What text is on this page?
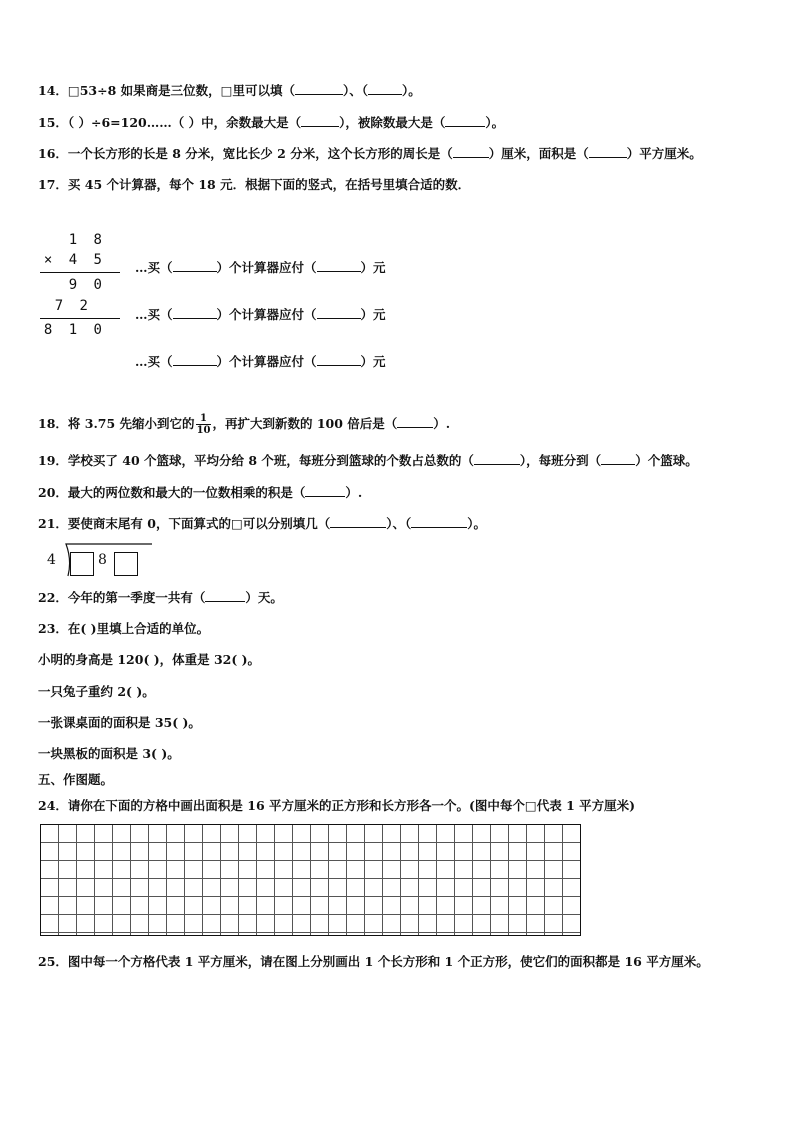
14．□53÷8 如果商是三位数，□里可以填（	）、（	）。
15．（ ）÷6=120……（ ）中，余数最大是（	），被除数最大是（	）。
16．一个长方形的长是 8 分米，宽比长少 2 分米，这个长方形的周长是（	）厘米，面积是（	）平方厘米。
17．买 45 个计算器，每个 18 元．根据下面的竖式，在括号里填合适的数．
1 8
× 4 5
9 0
7 2
8 1 0
…买（	）个计算器应付（	）元
…买（	）个计算器应付（	）元
…买（	）个计算器应付（	）元
18．将 3.75 先缩小到它的 $\frac{1}{10}$ ，再扩大到新数的 100 倍后是（	）.
19．学校买了 40 个篮球，平均分给 8 个班，每班分到篮球的个数占总数的（	），每班分到（	）个篮球。
20．最大的两位数和最大的一位数相乘的积是（	）.
21．要使商末尾有 0，下面算式的□可以分别填几（	）、（	）。
4	8
22．今年的第一季度一共有（	）天。
23．在( )里填上合适的单位。
小明的身高是 120( )，体重是 32( )。
一只兔子重约 2( )。
一张课桌面的面积是 35( )。
一块黑板的面积是 3( )。
五、作图题。
24．请你在下面的方格中画出面积是 16 平方厘米的正方形和长方形各一个。(图中每个□代表 1 平方厘米)
25．图中每一个方格代表 1 平方厘米，请在图上分别画出 1 个长方形和 1 个正方形，使它们的面积都是 16 平方厘米。
